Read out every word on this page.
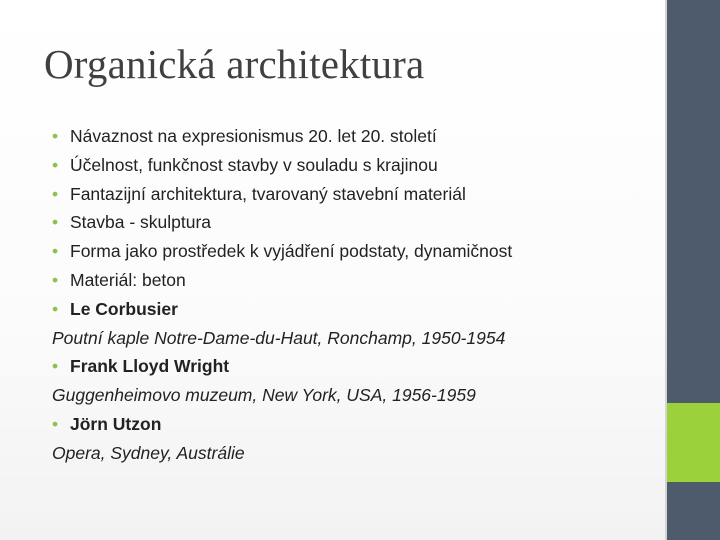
Organická architektura
• Návaznost na expresionismus 20. let 20. století
• Účelnost, funkčnost stavby v souladu s krajinou
• Fantazijní architektura, tvarovaný stavební materiál
• Stavba - skulptura
• Forma jako prostředek k vyjádření podstaty, dynamičnost
• Materiál: beton
• Le Corbusier
Poutní kaple Notre-Dame-du-Haut, Ronchamp, 1950-1954
• Frank Lloyd Wright
Guggenheimovo muzeum, New York, USA, 1956-1959
• Jörn Utzon
Opera, Sydney, Austrálie
